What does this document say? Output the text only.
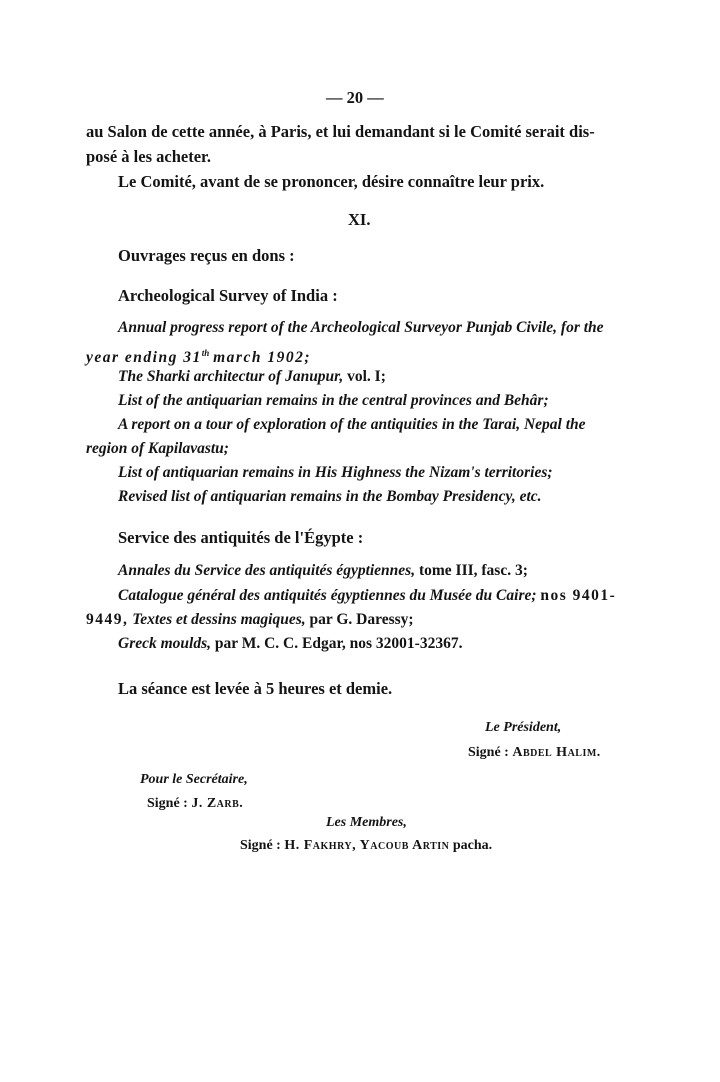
— 20 —
au Salon de cette année, à Paris, et lui demandant si le Comité serait dis-
posé à les acheter.
Le Comité, avant de se prononcer, désire connaître leur prix.
XI.
Ouvrages reçus en dons :
Archeological Survey of India :
Annual progress report of the Archeological Surveyor Punjab Civile, for the
year ending 31th march 1902;
The Sharki architectur of Janupur, vol. I;
List of the antiquarian remains in the central provinces and Behâr;
A report on a tour of exploration of the antiquities in the Tarai, Nepal the
region of Kapilavastu;
List of antiquarian remains in His Highness the Nizam's territories;
Revised list of antiquarian remains in the Bombay Presidency, etc.
Service des antiquités de l'Égypte :
Annales du Service des antiquités égyptiennes, tome III, fasc. 3;
Catalogue général des antiquités égyptiennes du Musée du Caire; nos 9401-
9449, Textes et dessins magiques, par G. Daressy;
Greck moulds, par M. C. C. Edgar, nos 32001-32367.
La séance est levée à 5 heures et demie.
Le Président,
Signé : Abdel Halim.
Pour le Secrétaire,
Signé : J. Zarb.
Les Membres,
Signé : H. Fakhry, Yacoub Artin pacha.
